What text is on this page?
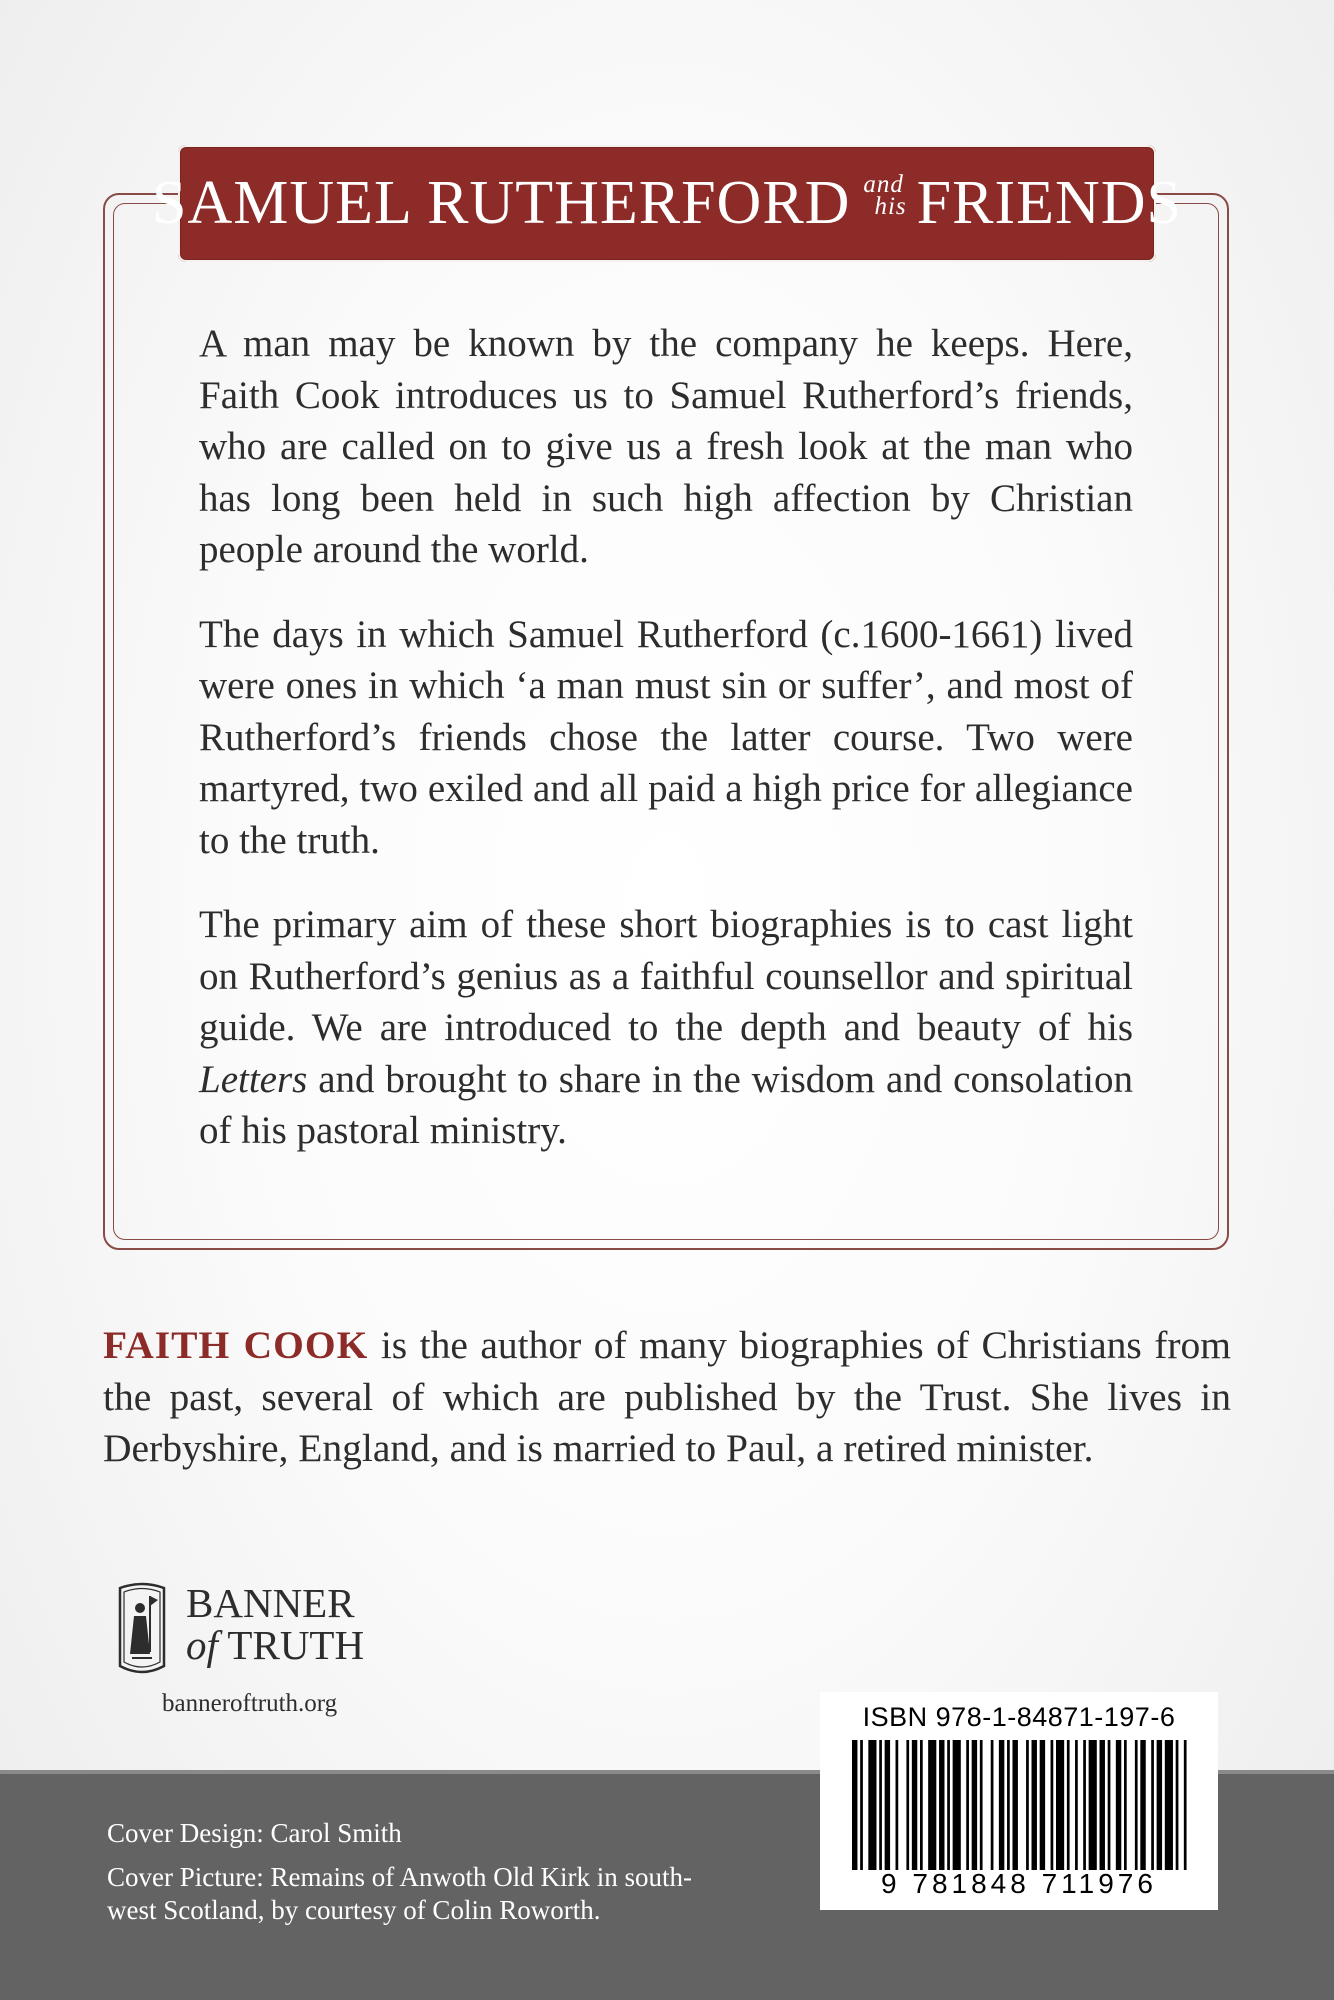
SAMUEL RUTHERFORD and
his FRIENDS

A man may be known by the company he keeps. Here, Faith Cook introduces us to Samuel Rutherford’s friends, who are called on to give us a fresh look at the man who has long been held in such high affection by Christian people around the world.

The days in which Samuel Rutherford (c.1600-1661) lived were ones in which ‘a man must sin or suffer’, and most of Rutherford’s friends chose the latter course. Two were martyred, two exiled and all paid a high price for allegiance to the truth.

The primary aim of these short biographies is to cast light on Rutherford’s genius as a faithful counsellor and spiritual guide. We are introduced to the depth and beauty of his Letters and brought to share in the wisdom and consolation of his pastoral ministry.

FAITH COOK is the author of many biographies of Christians from the past, several of which are published by the Trust. She lives in Derbyshire, England, and is married to Paul, a retired minister.

BANNER
of TRUTH
banneroftruth.org

Cover Design: Carol Smith

Cover Picture: Remains of Anwoth Old Kirk in south-west Scotland, by courtesy of Colin Roworth.

ISBN 978-1-84871-197-6
9 781848 711976
